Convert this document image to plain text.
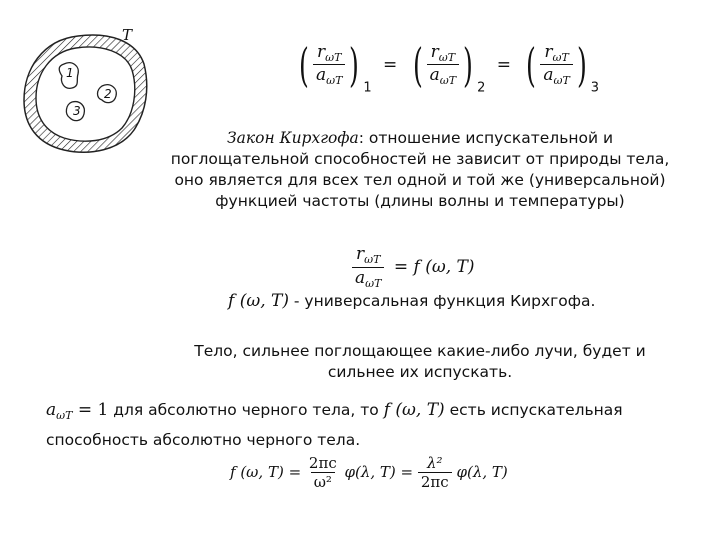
T
1
2
3
( $\frac{r_{\omega T}}{a_{\omega T}}$ ) $_1$ = ( $\frac{r_{\omega T}}{a_{\omega T}}$ ) $_2$ = ( $\frac{r_{\omega T}}{a_{\omega T}}$ ) $_3$
Закон Кирхгофа: отношение испускательной и
поглощательной способностей не зависит от природы тела,
оно является для всех тел одной и той же (универсальной)
функцией частоты (длины волны и температуры)
$\frac{r_{\omega T}}{a_{\omega T}} = f$ (ω, T)
f (ω, T) - универсальная функция Кирхгофа.
Тело, сильнее поглощающее какие-либо лучи, будет и
сильнее их испускать.
$a_{\omega T} = 1$ для абсолютно черного тела, то f (ω, T) есть испускательная
способность абсолютно черного тела.
f (ω, $T) = \frac{2\pi c}{\text{ω²}} \varphi(\lambda$, $T) = \frac{\text{λ²}}{2\pi c} \varphi(\lambda$, T)
